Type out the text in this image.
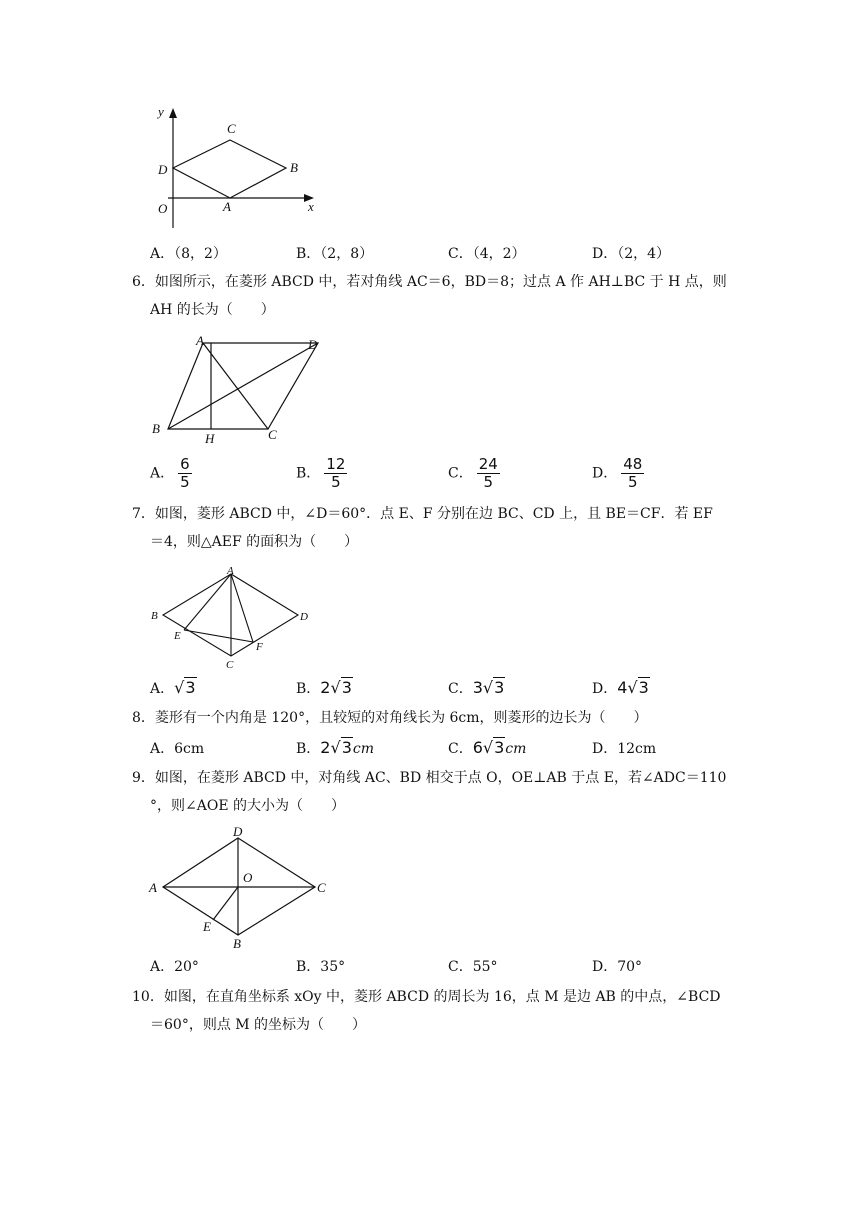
y
x
O	A
B
C
D
A．（8，2）	B．（2，8）	C．（4，2）	D．（2，4）
6．如图所示，在菱形 ABCD 中，若对角线 AC＝6，BD＝8；过点 A 作 AH⊥BC 于 H 点，则
AH 的长为（　　）
A
B	C
D
H
A． $\frac{6}{5}$	B． $\frac{12}{5}$	C． $\frac{24}{5}$	D． $\frac{48}{5}$
7．如图，菱形 ABCD 中，∠D＝60°．点 E、F 分别在边 BC、CD 上，且 BE＝CF．若 EF
＝4，则△AEF 的面积为（　　）
A
B
C
D
E
F
A．√3	B．2√3	C．3√3	D．4√3
8．菱形有一个内角是 120°，且较短的对角线长为 6cm，则菱形的边长为（　　）
A．6cm	B．2√3cm	C．6√3cm	D．12cm
9．如图，在菱形 ABCD 中，对角线 AC、BD 相交于点 O，OE⊥AB 于点 E，若∠ADC＝110
°，则∠AOE 的大小为（　　）
D
A	C
B
O
E
A．20°	B．35°	C．55°	D．70°
10．如图，在直角坐标系 xOy 中，菱形 ABCD 的周长为 16，点 M 是边 AB 的中点，∠BCD
＝60°，则点 M 的坐标为（　　）
